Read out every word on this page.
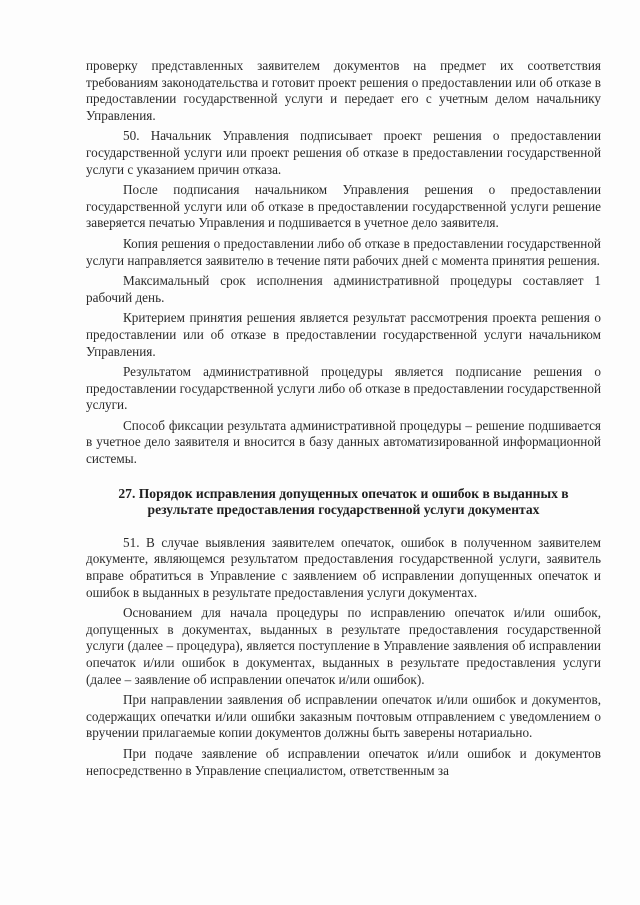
проверку представленных заявителем документов на предмет их соответствия требованиям законодательства и готовит проект решения о предоставлении или об отказе в предоставлении государственной услуги и передает его с учетным делом начальнику Управления.

50. Начальник Управления подписывает проект решения о предоставлении государственной услуги или проект решения об отказе в предоставлении государственной услуги с указанием причин отказа.

После подписания начальником Управления решения о предоставлении государственной услуги или об отказе в предоставлении государственной услуги решение заверяется печатью Управления и подшивается в учетное дело заявителя.

Копия решения о предоставлении либо об отказе в предоставлении государственной услуги направляется заявителю в течение пяти рабочих дней с момента принятия решения.

Максимальный срок исполнения административной процедуры составляет 1 рабочий день.

Критерием принятия решения является результат рассмотрения проекта решения о предоставлении или об отказе в предоставлении государственной услуги начальником Управления.

Результатом административной процедуры является подписание решения о предоставлении государственной услуги либо об отказе в предоставлении государственной услуги.

Способ фиксации результата административной процедуры – решение подшивается в учетное дело заявителя и вносится в базу данных автоматизированной информационной системы.

27. Порядок исправления допущенных опечаток и ошибок в выданных в результате предоставления государственной услуги документах

51. В случае выявления заявителем опечаток, ошибок в полученном заявителем документе, являющемся результатом предоставления государственной услуги, заявитель вправе обратиться в Управление с заявлением об исправлении допущенных опечаток и ошибок в выданных в результате предоставления услуги документах.

Основанием для начала процедуры по исправлению опечаток и/или ошибок, допущенных в документах, выданных в результате предоставления государственной услуги (далее – процедура), является поступление в Управление заявления об исправлении опечаток и/или ошибок в документах, выданных в результате предоставления услуги (далее – заявление об исправлении опечаток и/или ошибок).

При направлении заявления об исправлении опечаток и/или ошибок и документов, содержащих опечатки и/или ошибки заказным почтовым отправлением с уведомлением о вручении прилагаемые копии документов должны быть заверены нотариально.

При подаче заявление об исправлении опечаток и/или ошибок и документов непосредственно в Управление специалистом, ответственным за
